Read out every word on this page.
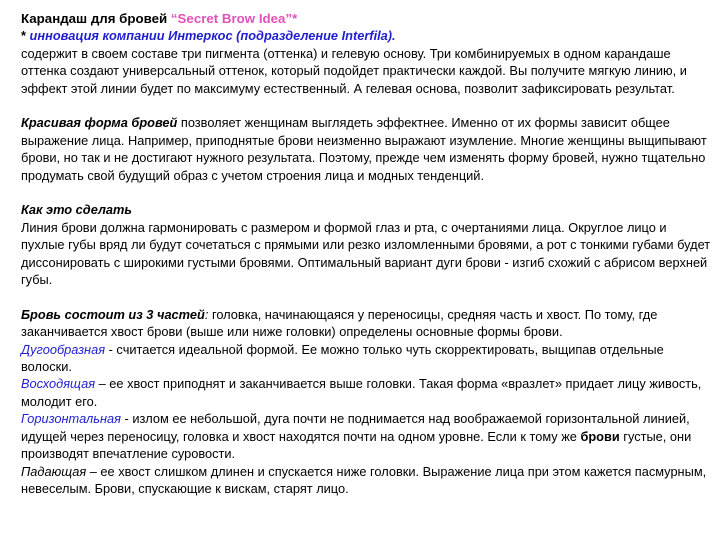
Карандаш для бровей “Secret Brow Idea”*

* инновация компании Интеркос (подразделение Interfila).

содержит в своем составе три пигмента (оттенка) и гелевую основу. Три комбинируемых в одном карандаше оттенка создают универсальный оттенок, который подойдет практически каждой. Вы получите мягкую линию, и эффект этой линии будет по максимуму естественный. А гелевая основа, позволит зафиксировать результат.

Красивая форма бровей позволяет женщинам выглядеть эффектнее. Именно от их формы зависит общее выражение лица. Например, приподнятые брови неизменно выражают изумление. Многие женщины выщипывают брови, но так и не достигают нужного результата. Поэтому, прежде чем изменять форму бровей, нужно тщательно продумать свой будущий образ с учетом строения лица и модных тенденций.

Как это сделать

Линия брови должна гармонировать с размером и формой глаз и рта, с очертаниями лица. Округлое лицо и пухлые губы вряд ли будут сочетаться с прямыми или резко изломленными бровями, а рот с тонкими губами будет диссонировать с широкими густыми бровями. Оптимальный вариант дуги брови - изгиб схожий с абрисом верхней губы.

Бровь состоит из 3 частей: головка, начинающаяся у переносицы, средняя часть и хвост. По тому, где заканчивается хвост брови (выше или ниже головки) определены основные формы брови.

Дугообразная - считается идеальной формой. Ее можно только чуть скорректировать, выщипав отдельные волоски.

Восходящая – ее хвост приподнят и заканчивается выше головки. Такая форма «вразлет» придает лицу живость, молодит его.

Горизонтальная - излом ее небольшой, дуга почти не поднимается над воображаемой горизонтальной линией, идущей через переносицу, головка и хвост находятся почти на одном уровне. Если к тому же брови густые, они производят впечатление суровости.

Падающая – ее хвост слишком длинен и спускается ниже головки. Выражение лица при этом кажется пасмурным, невеселым. Брови, спускающие к вискам, старят лицо.
